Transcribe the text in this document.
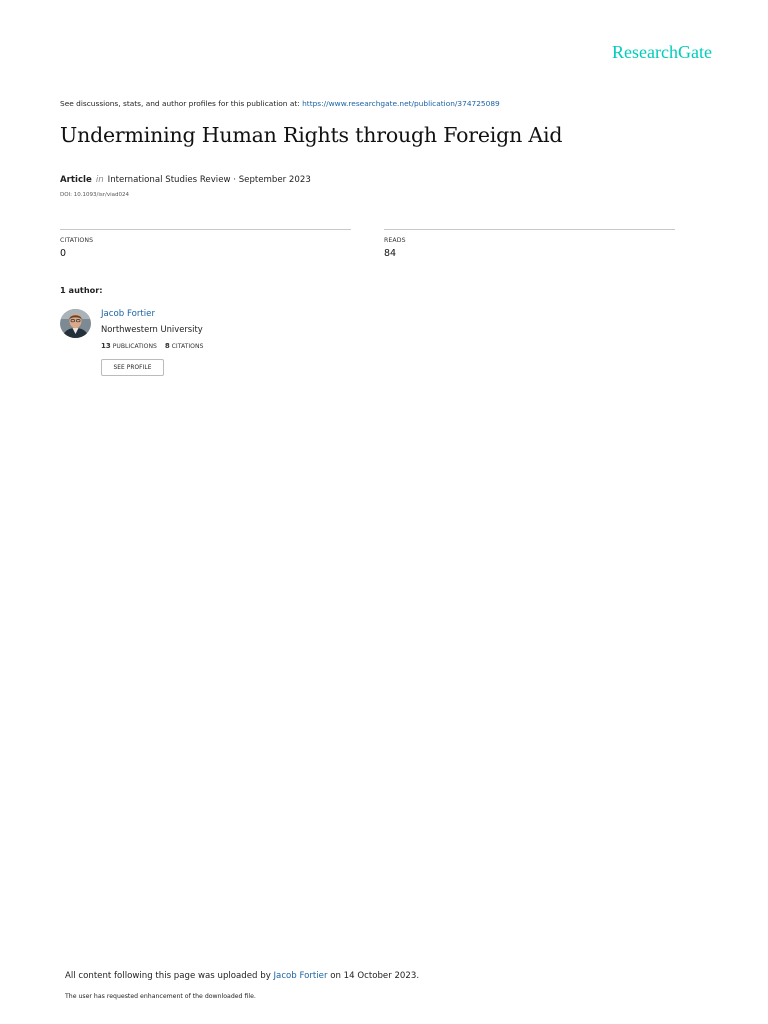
ResearchGate
See discussions, stats, and author profiles for this publication at: https://www.researchgate.net/publication/374725089
Undermining Human Rights through Foreign Aid
Article in International Studies Review · September 2023
DOI: 10.1093/isr/viad024
CITATIONS
0
READS
84
1 author:
Jacob Fortier
Northwestern University
13 PUBLICATIONS 8 CITATIONS
SEE PROFILE
All content following this page was uploaded by Jacob Fortier on 14 October 2023.
The user has requested enhancement of the downloaded file.
